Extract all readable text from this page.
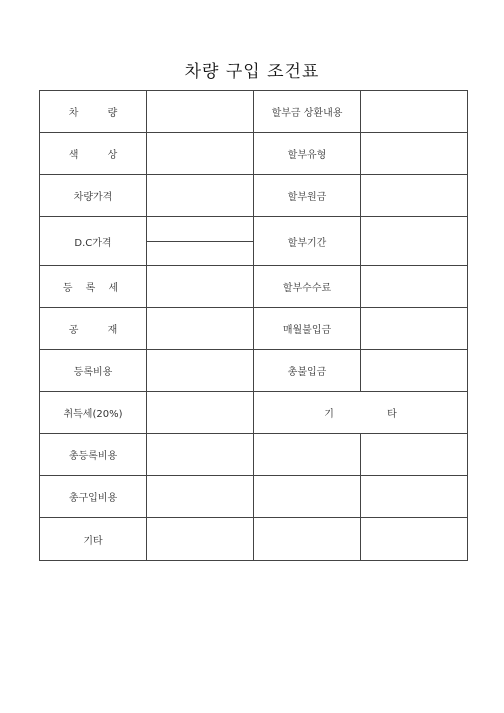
차량 구입 조건표
차 량		할부금 상환내용	
색 상		할부유형	
차량가격		할부원금	
D.C가격		할부기간	
등 록 세		할부수수료	
공 재		매월불입금	
등록비용		총불입금	
취득세(20%)		기 타	
총등록비용			
총구입비용			
기타			
